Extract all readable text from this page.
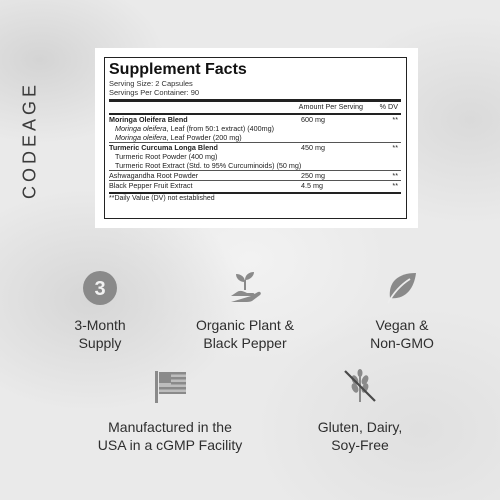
CODEAGE
Supplement Facts
Serving Size: 2 Capsules
Servings Per Container: 90
Amount Per Serving	% DV
Moringa Oleifera Blend	600 mg	**
Moringa oleifera, Leaf (from 50:1 extract) (400mg)
Moringa oleifera, Leaf Powder (200 mg)
Turmeric Curcuma Longa Blend	450 mg	**
Turmeric Root Powder (400 mg)
Turmeric Root Extract (Std. to 95% Curcuminoids) (50 mg)
Ashwagandha Root Powder	250 mg	**
Black Pepper Fruit Extract	4.5 mg	**
**Daily Value (DV) not established
3
3-Month
Supply
Organic Plant &
Black Pepper
Vegan &
Non-GMO
Manufactured in the
USA in a cGMP Facility
Gluten, Dairy,
Soy-Free
